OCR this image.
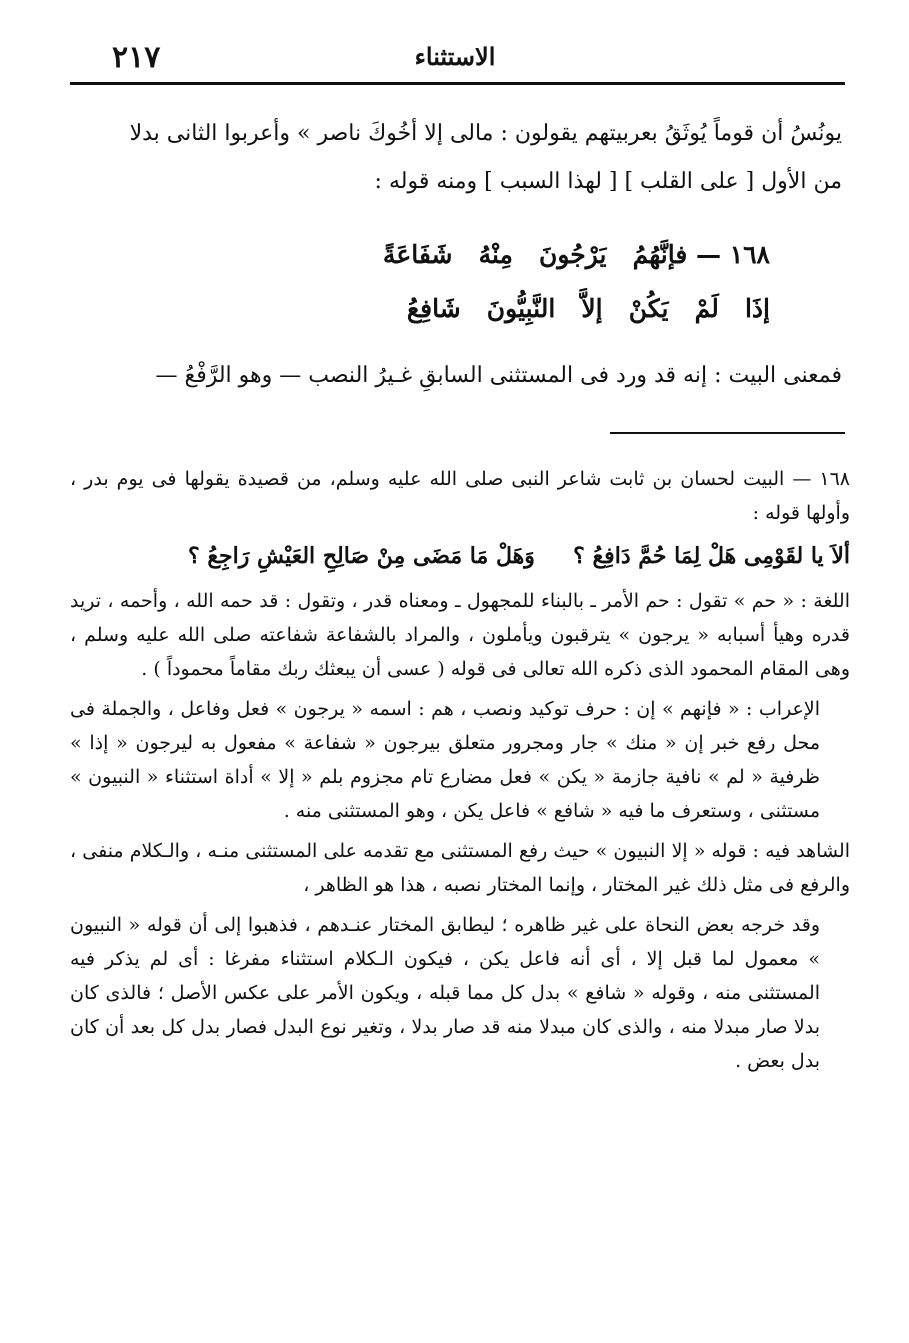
٢١٧	الاستثناء

يونُسُ أن قوماً يُوثَقُ بعربيتهم يقولون : مالى إلا أخُوكَ ناصر » وأعربوا الثانى بدلا

من الأول [ على القلب ] [ لهذا السبب ] ومنه قوله :

١٦٨ — فإنَّهُمُ   يَرْجُونَ   مِنْهُ   شَفَاعَةً
إذَا   لَمْ   يَكُنْ   إلاَّ   النَّبِيُّونَ   شَافِعُ
فمعنى البيت : إنه قد ورد فى المستثنى السابقِ غـيرُ النصب — وهو الرَّفْعُ —

١٦٨ — البيت لحسان بن ثابت شاعر النبى صلى الله عليه وسلم، من قصيدة يقولها فى يوم بدر ، وأولها قوله :

ألاَ يا لقَوْمِى هَلْ لِمَا حُمَّ دَافِعُ ؟     وَهَلْ مَا مَضَى مِنْ صَالِحِ العَيْشِ رَاجِعُ ؟

اللغة : « حم » تقول : حم الأمر ـ بالبناء للمجهول ـ ومعناه قدر ، وتقول : قد حمه الله ، وأحمه ، تريد قدره وهيأ أسبابه « يرجون » يترقبون ويأملون ، والمراد بالشفاعة شفاعته صلى الله عليه وسلم ، وهى المقام المحمود الذى ذكره الله تعالى فى قوله ( عسى أن يبعثك ربك مقاماً محموداً ) .

الإعراب : « فإنهم » إن : حرف توكيد ونصب ، هم : اسمه « يرجون » فعل وفاعل ، والجملة فى محل رفع خبر إن « منك » جار ومجرور متعلق بيرجون « شفاعة » مفعول به ليرجون « إذا » ظرفية « لم » نافية جازمة « يكن » فعل مضارع تام مجزوم بلم « إلا » أداة استثناء « النبيون » مستثنى ، وستعرف ما فيه « شافع » فاعل يكن ، وهو المستثنى منه .

الشاهد فيه : قوله « إلا النبيون » حيث رفع المستثنى مع تقدمه على المستثنى منـه ، والـكلام منفى ، والرفع فى مثل ذلك غير المختار ، وإنما المختار نصبه ، هذا هو الظاهر ،

وقد خرجه بعض النحاة على غير ظاهره ؛ ليطابق المختار عنـدهم ، فذهبوا إلى أن قوله « النبيون » معمول لما قبل إلا ، أى أنه فاعل يكن ، فيكون الـكلام استثناء مفرغا : أى لم يذكر فيه المستثنى منه ، وقوله « شافع » بدل كل مما قبله ، ويكون الأمر على عكس الأصل ؛ فالذى كان بدلا صار مبدلا منه ، والذى كان مبدلا منه قد صار بدلا ، وتغير نوع البدل فصار بدل كل بعد أن كان بدل بعض .
